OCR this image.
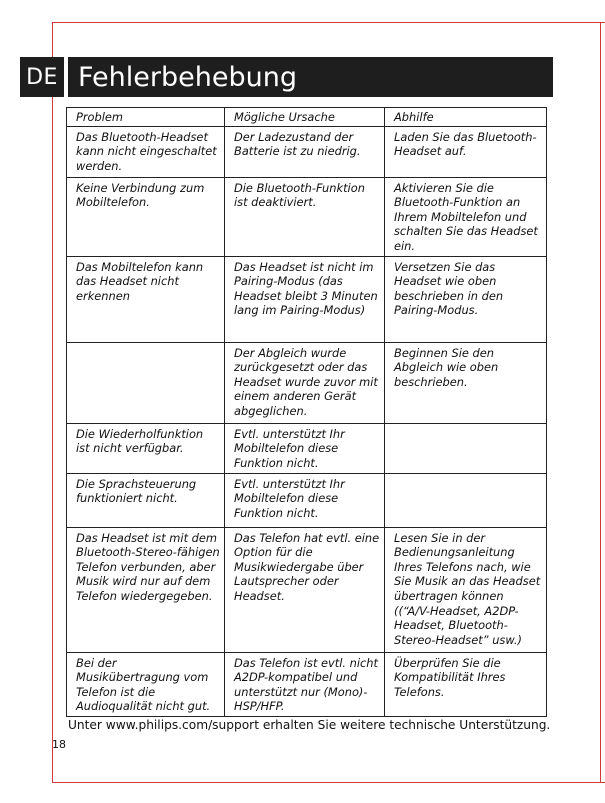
DE Fehlerbehebung
Problem	Mögliche Ursache	Abhilfe
Das Bluetooth-Headset kann nicht eingeschaltet werden.	Der Ladezustand der Batterie ist zu niedrig.	Laden Sie das Bluetooth-Headset auf.
Keine Verbindung zum Mobiltelefon.	Die Bluetooth-Funktion ist deaktiviert.	Aktivieren Sie die Bluetooth-Funktion an Ihrem Mobiltelefon und schalten Sie das Headset ein.
Das Mobiltelefon kann das Headset nicht erkennen	Das Headset ist nicht im Pairing-Modus (das Headset bleibt 3 Minuten lang im Pairing-Modus)	Versetzen Sie das Headset wie oben beschrieben in den Pairing-Modus.
	Der Abgleich wurde zurückgesetzt oder das Headset wurde zuvor mit einem anderen Gerät abgeglichen.	Beginnen Sie den Abgleich wie oben beschrieben.
Die Wiederholfunktion ist nicht verfügbar.	Evtl. unterstützt Ihr Mobiltelefon diese Funktion nicht.	
Die Sprachsteuerung funktioniert nicht.	Evtl. unterstützt Ihr Mobiltelefon diese Funktion nicht.	
Das Headset ist mit dem Bluetooth-Stereo-fähigen Telefon verbunden, aber Musik wird nur auf dem Telefon wiedergegeben.	Das Telefon hat evtl. eine Option für die Musikwiedergabe über Lautsprecher oder Headset.	Lesen Sie in der Bedienungsanleitung Ihres Telefons nach, wie Sie Musik an das Headset übertragen können ((“A/V-Headset, A2DP-Headset, Bluetooth-Stereo-Headset” usw.)
Bei der Musikübertragung vom Telefon ist die Audioqualität nicht gut.	Das Telefon ist evtl. nicht A2DP-kompatibel und unterstützt nur (Mono)-HSP/HFP.	Überprüfen Sie die Kompatibilität Ihres Telefons.
Unter www.philips.com/support erhalten Sie weitere technische Unterstützung.
18
